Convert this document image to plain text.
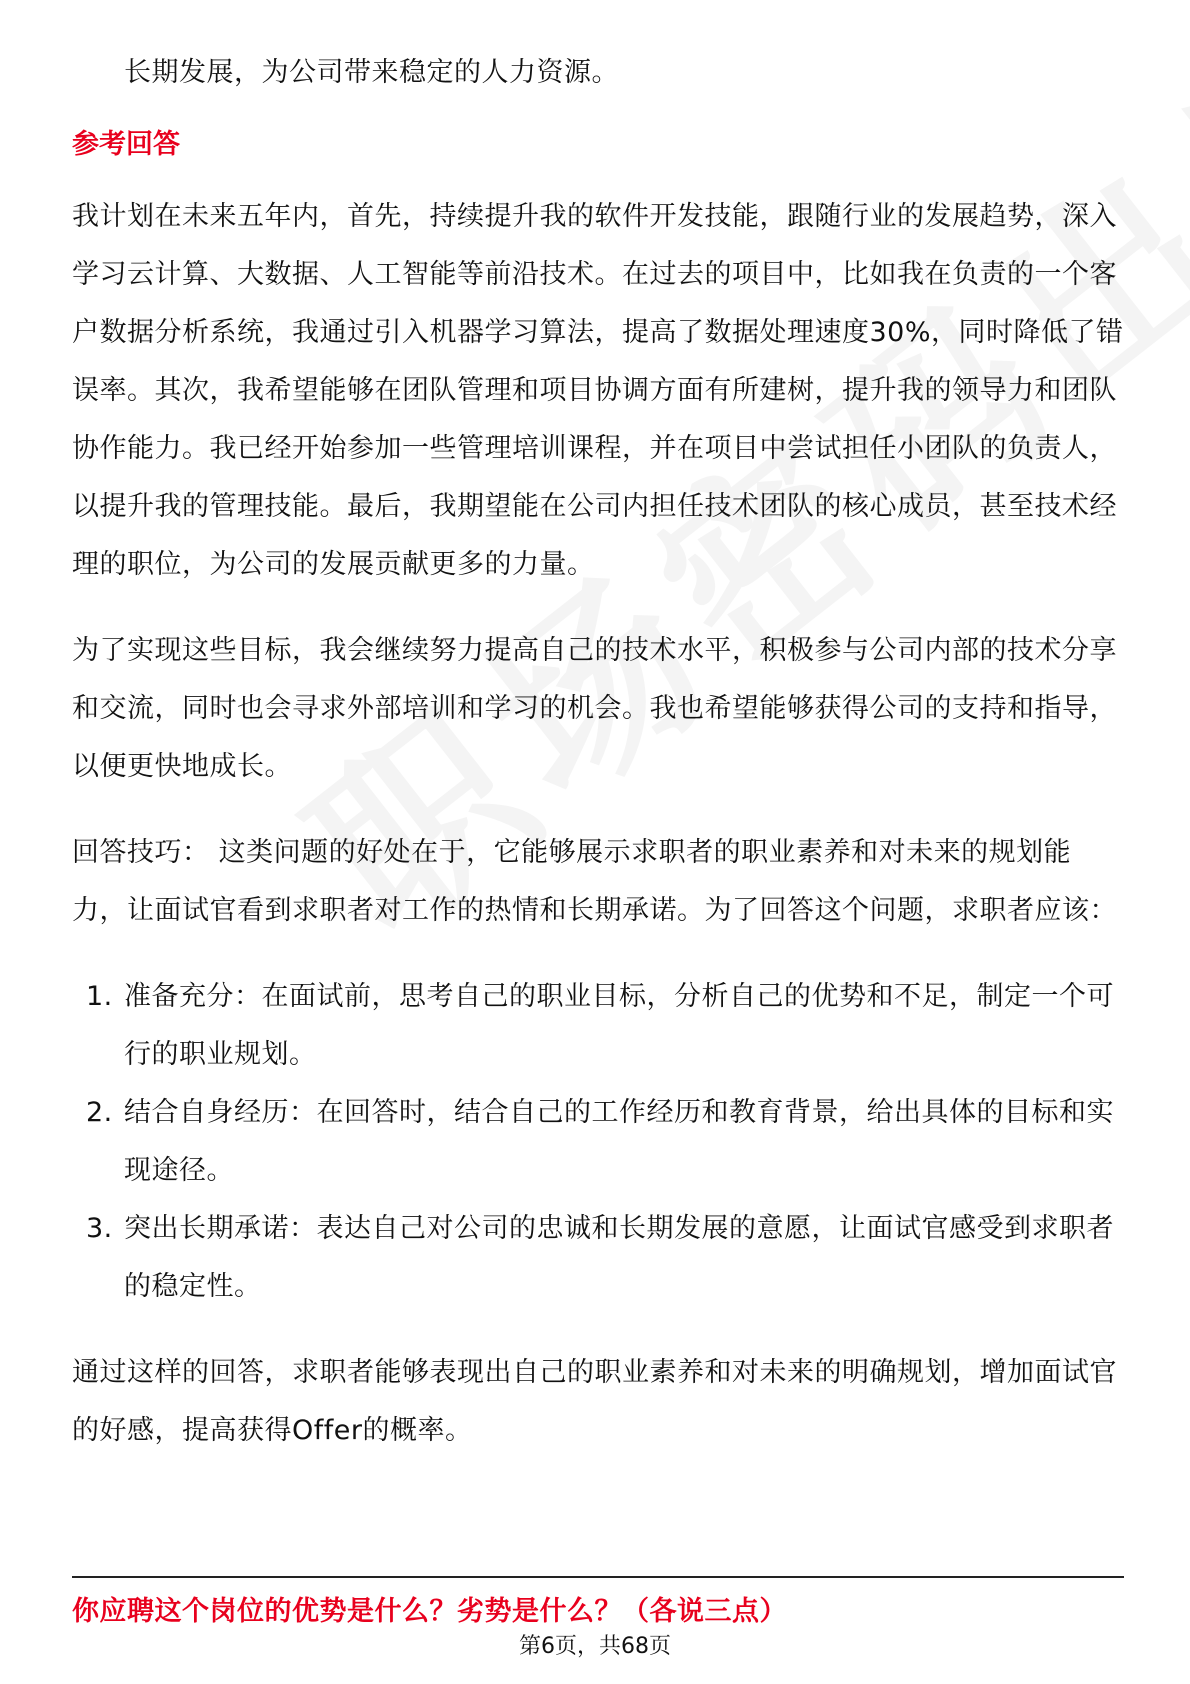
长期发展，为公司带来稳定的人力资源。

参考回答

我计划在未来五年内，首先，持续提升我的软件开发技能，跟随行业的发展趋势，深入学习云计算、大数据、人工智能等前沿技术。在过去的项目中，比如我在负责的一个客户数据分析系统，我通过引入机器学习算法，提高了数据处理速度30%，同时降低了错误率。其次，我希望能够在团队管理和项目协调方面有所建树，提升我的领导力和团队协作能力。我已经开始参加一些管理培训课程，并在项目中尝试担任小团队的负责人，以提升我的管理技能。最后，我期望能在公司内担任技术团队的核心成员，甚至技术经理的职位，为公司的发展贡献更多的力量。

为了实现这些目标，我会继续努力提高自己的技术水平，积极参与公司内部的技术分享和交流，同时也会寻求外部培训和学习的机会。我也希望能够获得公司的支持和指导，以便更快地成长。

回答技巧： 这类问题的好处在于，它能够展示求职者的职业素养和对未来的规划能力，让面试官看到求职者对工作的热情和长期承诺。为了回答这个问题，求职者应该：

1. 准备充分：在面试前，思考自己的职业目标，分析自己的优势和不足，制定一个可行的职业规划。
2. 结合自身经历：在回答时，结合自己的工作经历和教育背景，给出具体的目标和实现途径。
3. 突出长期承诺：表达自己对公司的忠诚和长期发展的意愿，让面试官感受到求职者的稳定性。

通过这样的回答，求职者能够表现出自己的职业素养和对未来的明确规划，增加面试官的好感，提高获得Offer的概率。

你应聘这个岗位的优势是什么？劣势是什么？（各说三点）
第6页，共68页
